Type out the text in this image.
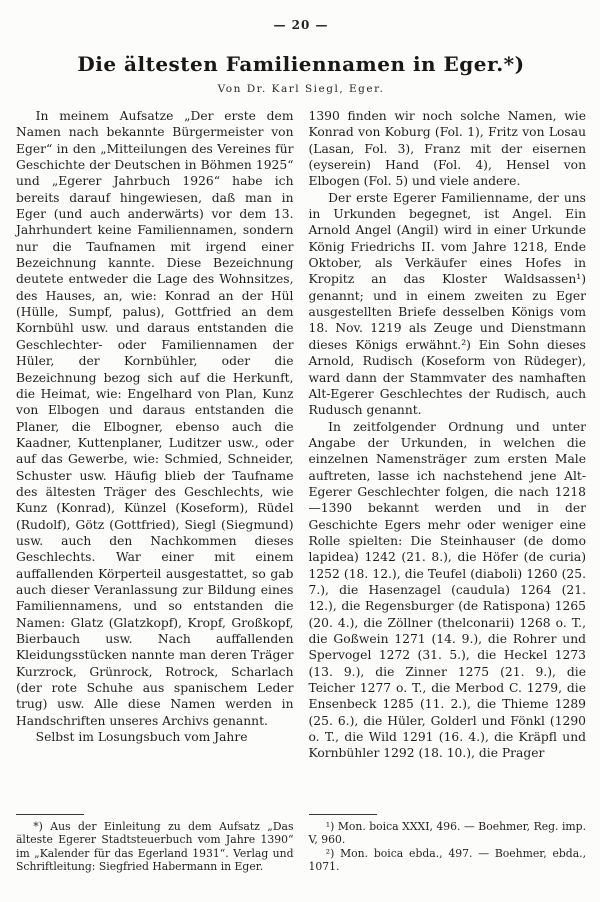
— 20 —
Die ältesten Familiennamen in Eger.*)
Von Dr. Karl Siegl, Eger.

In meinem Aufsatze „Der erste dem Namen nach bekannte Bürgermeister von Eger“ in den „Mitteilungen des Vereines für Geschichte der Deutschen in Böhmen 1925“ und „Egerer Jahrbuch 1926“ habe ich bereits darauf hingewiesen, daß man in Eger (und auch anderwärts) vor dem 13. Jahrhundert keine Familiennamen, sondern nur die Taufnamen mit irgend einer Bezeichnung kannte. Diese Bezeichnung deutete entweder die Lage des Wohnsitzes, des Hauses, an, wie: Konrad an der Hül (Hülle, Sumpf, palus), Gottfried an dem Kornbühl usw. und daraus entstanden die Geschlechter- oder Familiennamen der Hüler, der Kornbühler, oder die Bezeichnung bezog sich auf die Herkunft, die Heimat, wie: Engelhard von Plan, Kunz von Elbogen und daraus entstanden die Planer, die Elbogner, ebenso auch die Kaadner, Kuttenplaner, Luditzer usw., oder auf das Gewerbe, wie: Schmied, Schneider, Schuster usw. Häufig blieb der Taufname des ältesten Träger des Geschlechts, wie Kunz (Konrad), Künzel (Koseform), Rüdel (Rudolf), Götz (Gottfried), Siegl (Siegmund) usw. auch den Nachkommen dieses Geschlechts. War einer mit einem auffallenden Körperteil ausgestattet, so gab auch dieser Veranlassung zur Bildung eines Familiennamens, und so entstanden die Namen: Glatz (Glatzkopf), Kropf, Großkopf, Bierbauch usw. Nach auffallenden Kleidungsstücken nannte man deren Träger Kurzrock, Grünrock, Rotrock, Scharlach (der rote Schuhe aus spanischem Leder trug) usw. Alle diese Namen werden in Handschriften unseres Archivs genannt.

Selbst im Losungsbuch vom Jahre

*) Aus der Einleitung zu dem Aufsatz „Das älteste Egerer Stadtsteuerbuch vom Jahre 1390“ im „Kalender für das Egerland 1931“. Verlag und Schriftleitung: Siegfried Habermann in Eger.

1390 finden wir noch solche Namen, wie Konrad von Koburg (Fol. 1), Fritz von Losau (Lasan, Fol. 3), Franz mit der eisernen (eyserein) Hand (Fol. 4), Hensel von Elbogen (Fol. 5) und viele andere.

Der erste Egerer Familienname, der uns in Urkunden begegnet, ist Angel. Ein Arnold Angel (Angil) wird in einer Urkunde König Friedrichs II. vom Jahre 1218, Ende Oktober, als Verkäufer eines Hofes in Kropitz an das Kloster Waldsassen¹) genannt; und in einem zweiten zu Eger ausgestellten Briefe desselben Königs vom 18. Nov. 1219 als Zeuge und Dienstmann dieses Königs erwähnt.²) Ein Sohn dieses Arnold, Rudisch (Koseform von Rüdeger), ward dann der Stammvater des namhaften Alt-Egerer Geschlechtes der Rudisch, auch Rudusch genannt.

In zeitfolgender Ordnung und unter Angabe der Urkunden, in welchen die einzelnen Namensträger zum ersten Male auftreten, lasse ich nachstehend jene Alt-Egerer Geschlechter folgen, die nach 1218—1390 bekannt werden und in der Geschichte Egers mehr oder weniger eine Rolle spielten: Die Steinhauser (de domo lapidea) 1242 (21. 8.), die Höfer (de curia) 1252 (18. 12.), die Teufel (diaboli) 1260 (25. 7.), die Hasenzagel (caudula) 1264 (21. 12.), die Regensburger (de Ratispona) 1265 (20. 4.), die Zöllner (thelconarii) 1268 o. T., die Goßwein 1271 (14. 9.), die Rohrer und Spervogel 1272 (31. 5.), die Heckel 1273 (13. 9.), die Zinner 1275 (21. 9.), die Teicher 1277 o. T., die Merbod C. 1279, die Ensenbeck 1285 (11. 2.), die Thieme 1289 (25. 6.), die Hüler, Golderl und Fönkl (1290 o. T., die Wild 1291 (16. 4.), die Kräpfl und Kornbühler 1292 (18. 10.), die Prager

¹) Mon. boica XXXI, 496. — Boehmer, Reg. imp. V, 960.

²) Mon. boica ebda., 497. — Boehmer, ebda., 1071.
